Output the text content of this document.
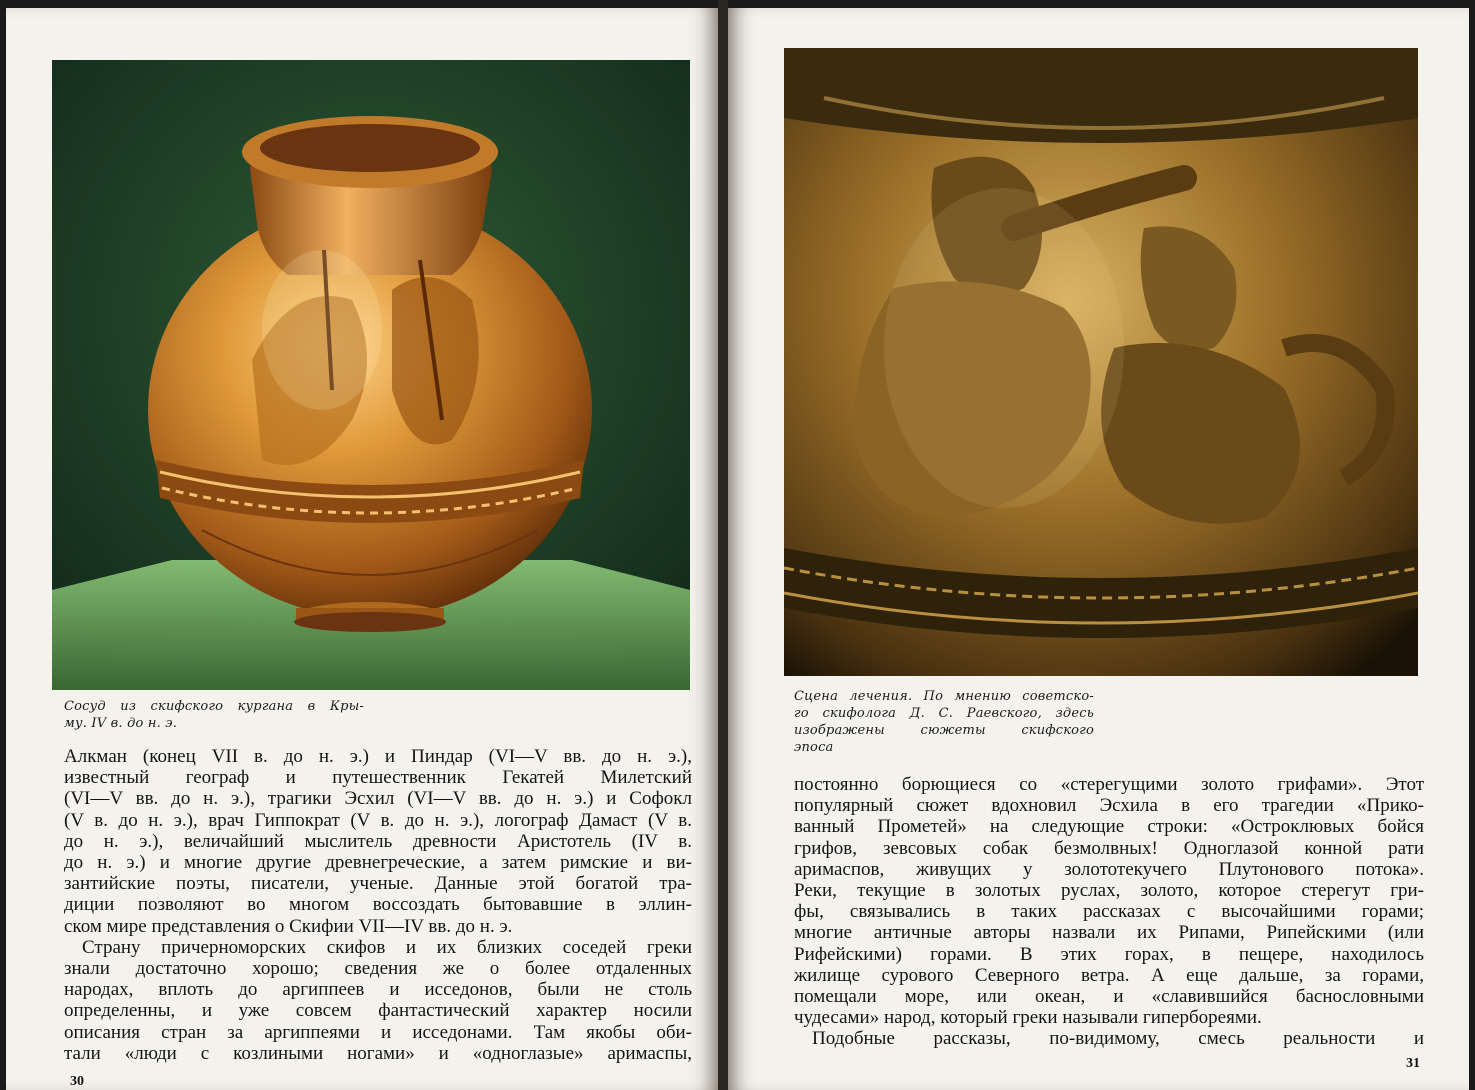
Сосуд из скифского кургана в Кры-
му. IV в. до н. э.

Алкман (конец VII в. до н. э.) и Пиндар (VI—V вв. до н. э.),
известный географ и путешественник Гекатей Милетский
(VI—V вв. до н. э.), трагики Эсхил (VI—V вв. до н. э.) и Софокл
(V в. до н. э.), врач Гиппократ (V в. до н. э.), логограф Дамаст (V в.
до н. э.), величайший мыслитель древности Аристотель (IV в.
до н. э.) и многие другие древнегреческие, а затем римские и ви-
зантийские поэты, писатели, ученые. Данные этой богатой тра-
диции позволяют во многом воссоздать бытовавшие в эллин-
ском мире представления о Скифии VII—IV вв. до н. э.
Страну причерноморских скифов и их близких соседей греки
знали достаточно хорошо; сведения же о более отдаленных
народах, вплоть до аргиппеев и исседонов, были не столь
определенны, и уже совсем фантастический характер носили
описания стран за аргиппеями и исседонами. Там якобы оби-
тали «люди с козлиными ногами» и «одноглазые» аримаспы,
30

Сцена лечения. По мнению советско-
го скифолога Д. С. Раевского, здесь
изображены сюжеты скифского
эпоса

постоянно борющиеся со «стерегущими золото грифами». Этот
популярный сюжет вдохновил Эсхила в его трагедии «Прико-
ванный Прометей» на следующие строки: «Остроклювых бойся
грифов, зевсовых собак безмолвных! Одноглазой конной рати
аримаспов, живущих у золототекучего Плутонового потока».
Реки, текущие в золотых руслах, золото, которое стерегут гри-
фы, связывались в таких рассказах с высочайшими горами;
многие античные авторы назвали их Рипами, Рипейскими (или
Рифейскими) горами. В этих горах, в пещере, находилось
жилище сурового Северного ветра. А еще дальше, за горами,
помещали море, или океан, и «славившийся баснословными
чудесами» народ, который греки называли гипербореями.
Подобные рассказы, по-видимому, смесь реальности и
31
